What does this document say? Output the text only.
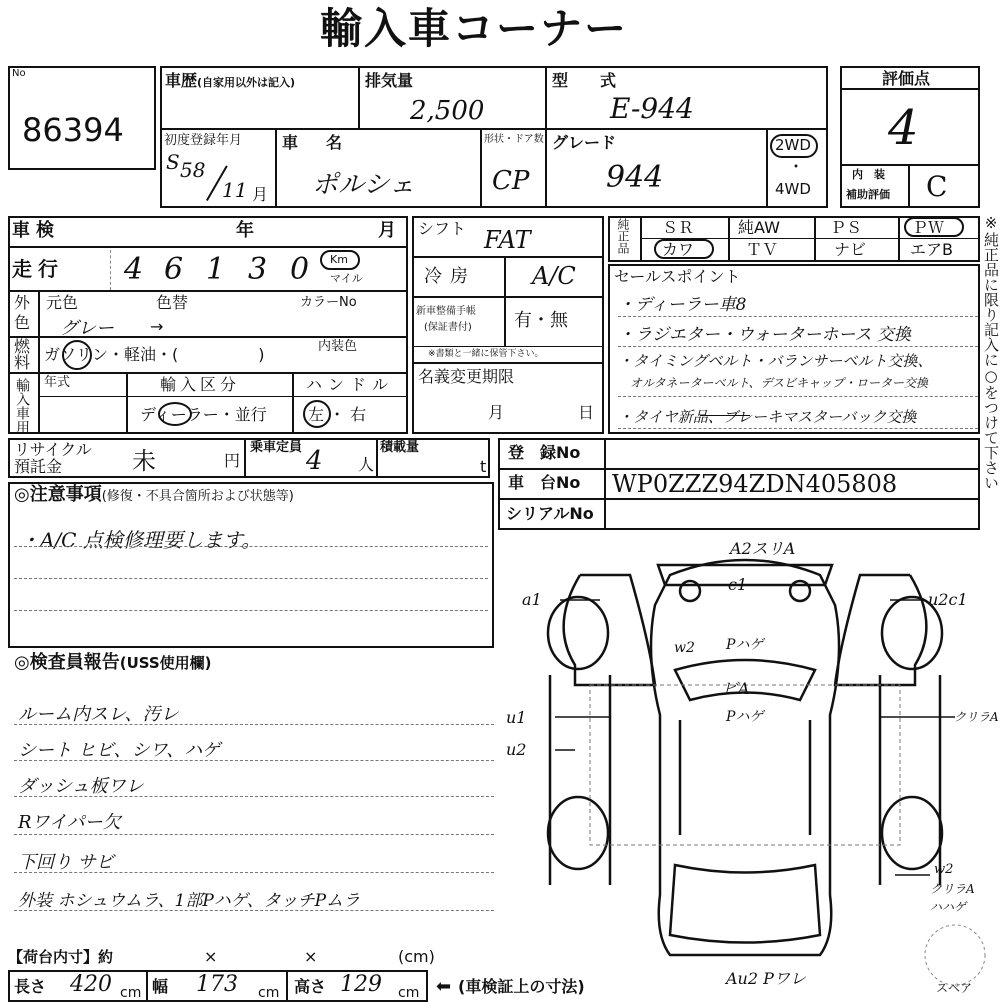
輸入車コーナー
No
86394
車歴(自家用以外は記入)	排気量
2,500
型　式
E-944
初度登録年月
S 58
11 月
車　名
ポルシェ
形状・ドア数
CP
グレード
944
2WD
・
4WD
評価点
4
内　装
補助評価 C
車検	年	月
走行 4 6 1 3 0 Km
マイル
外
色
元色	色替	カラーNo
グレー →
燃
料 ガソリン・軽油・(　　　　　)	内装色
輸入車用 年式	輸入区分
ディーラー・並行
ハンドル
左 ・ 右
シフト FAT
冷房 A/C
新車整備手帳
(保証書付) 有・無
※書類と一緒に保管下さい。
名義変更期限
月	日
純正品 ＳＲ	純AW	ＰＳ	ＰＷ
カワ	ＴＶ	ナビ	エアB
セールスポイント
・ディーラー車8
・ラジエター・ウォーターホース 交換
・タイミングベルト・バランサーベルト交換、
　オルタネーターベルト、デスビキャップ・ローター交換
・タイヤ新品、ブレーキマスターバック交換	※純正品に限り記入に○をつけて下さい
リサイクル
預託金	未	円
乗車定員 4 人
積載量
t
登　録No
車　台No WP0ZZZ94ZDN405808
シリアルNo
◎注意事項(修復・不具合箇所および状態等)
・A/C 点検修理要します。
◎検査員報告(USS使用欄)
ルーム内スレ、汚レ
シート ヒビ、シワ、ハゲ
ダッシュ板ワレ
Rワイパー欠
下回り サビ
外装 ホシュウムラ、1部Pハゲ、タッチPムラ
A2スリA
c1
a1	u2c1
w2 Pハゲ
ビA
Pハゲ
u1
u2
クリラA
w2
クリラA
ハハゲ
Au2 Pワレ	スペア
【荷台内寸】約	×	×	(cm)
長さ 420 cm 幅 173 cm 高さ 129 cm ⬅ (車検証上の寸法)
